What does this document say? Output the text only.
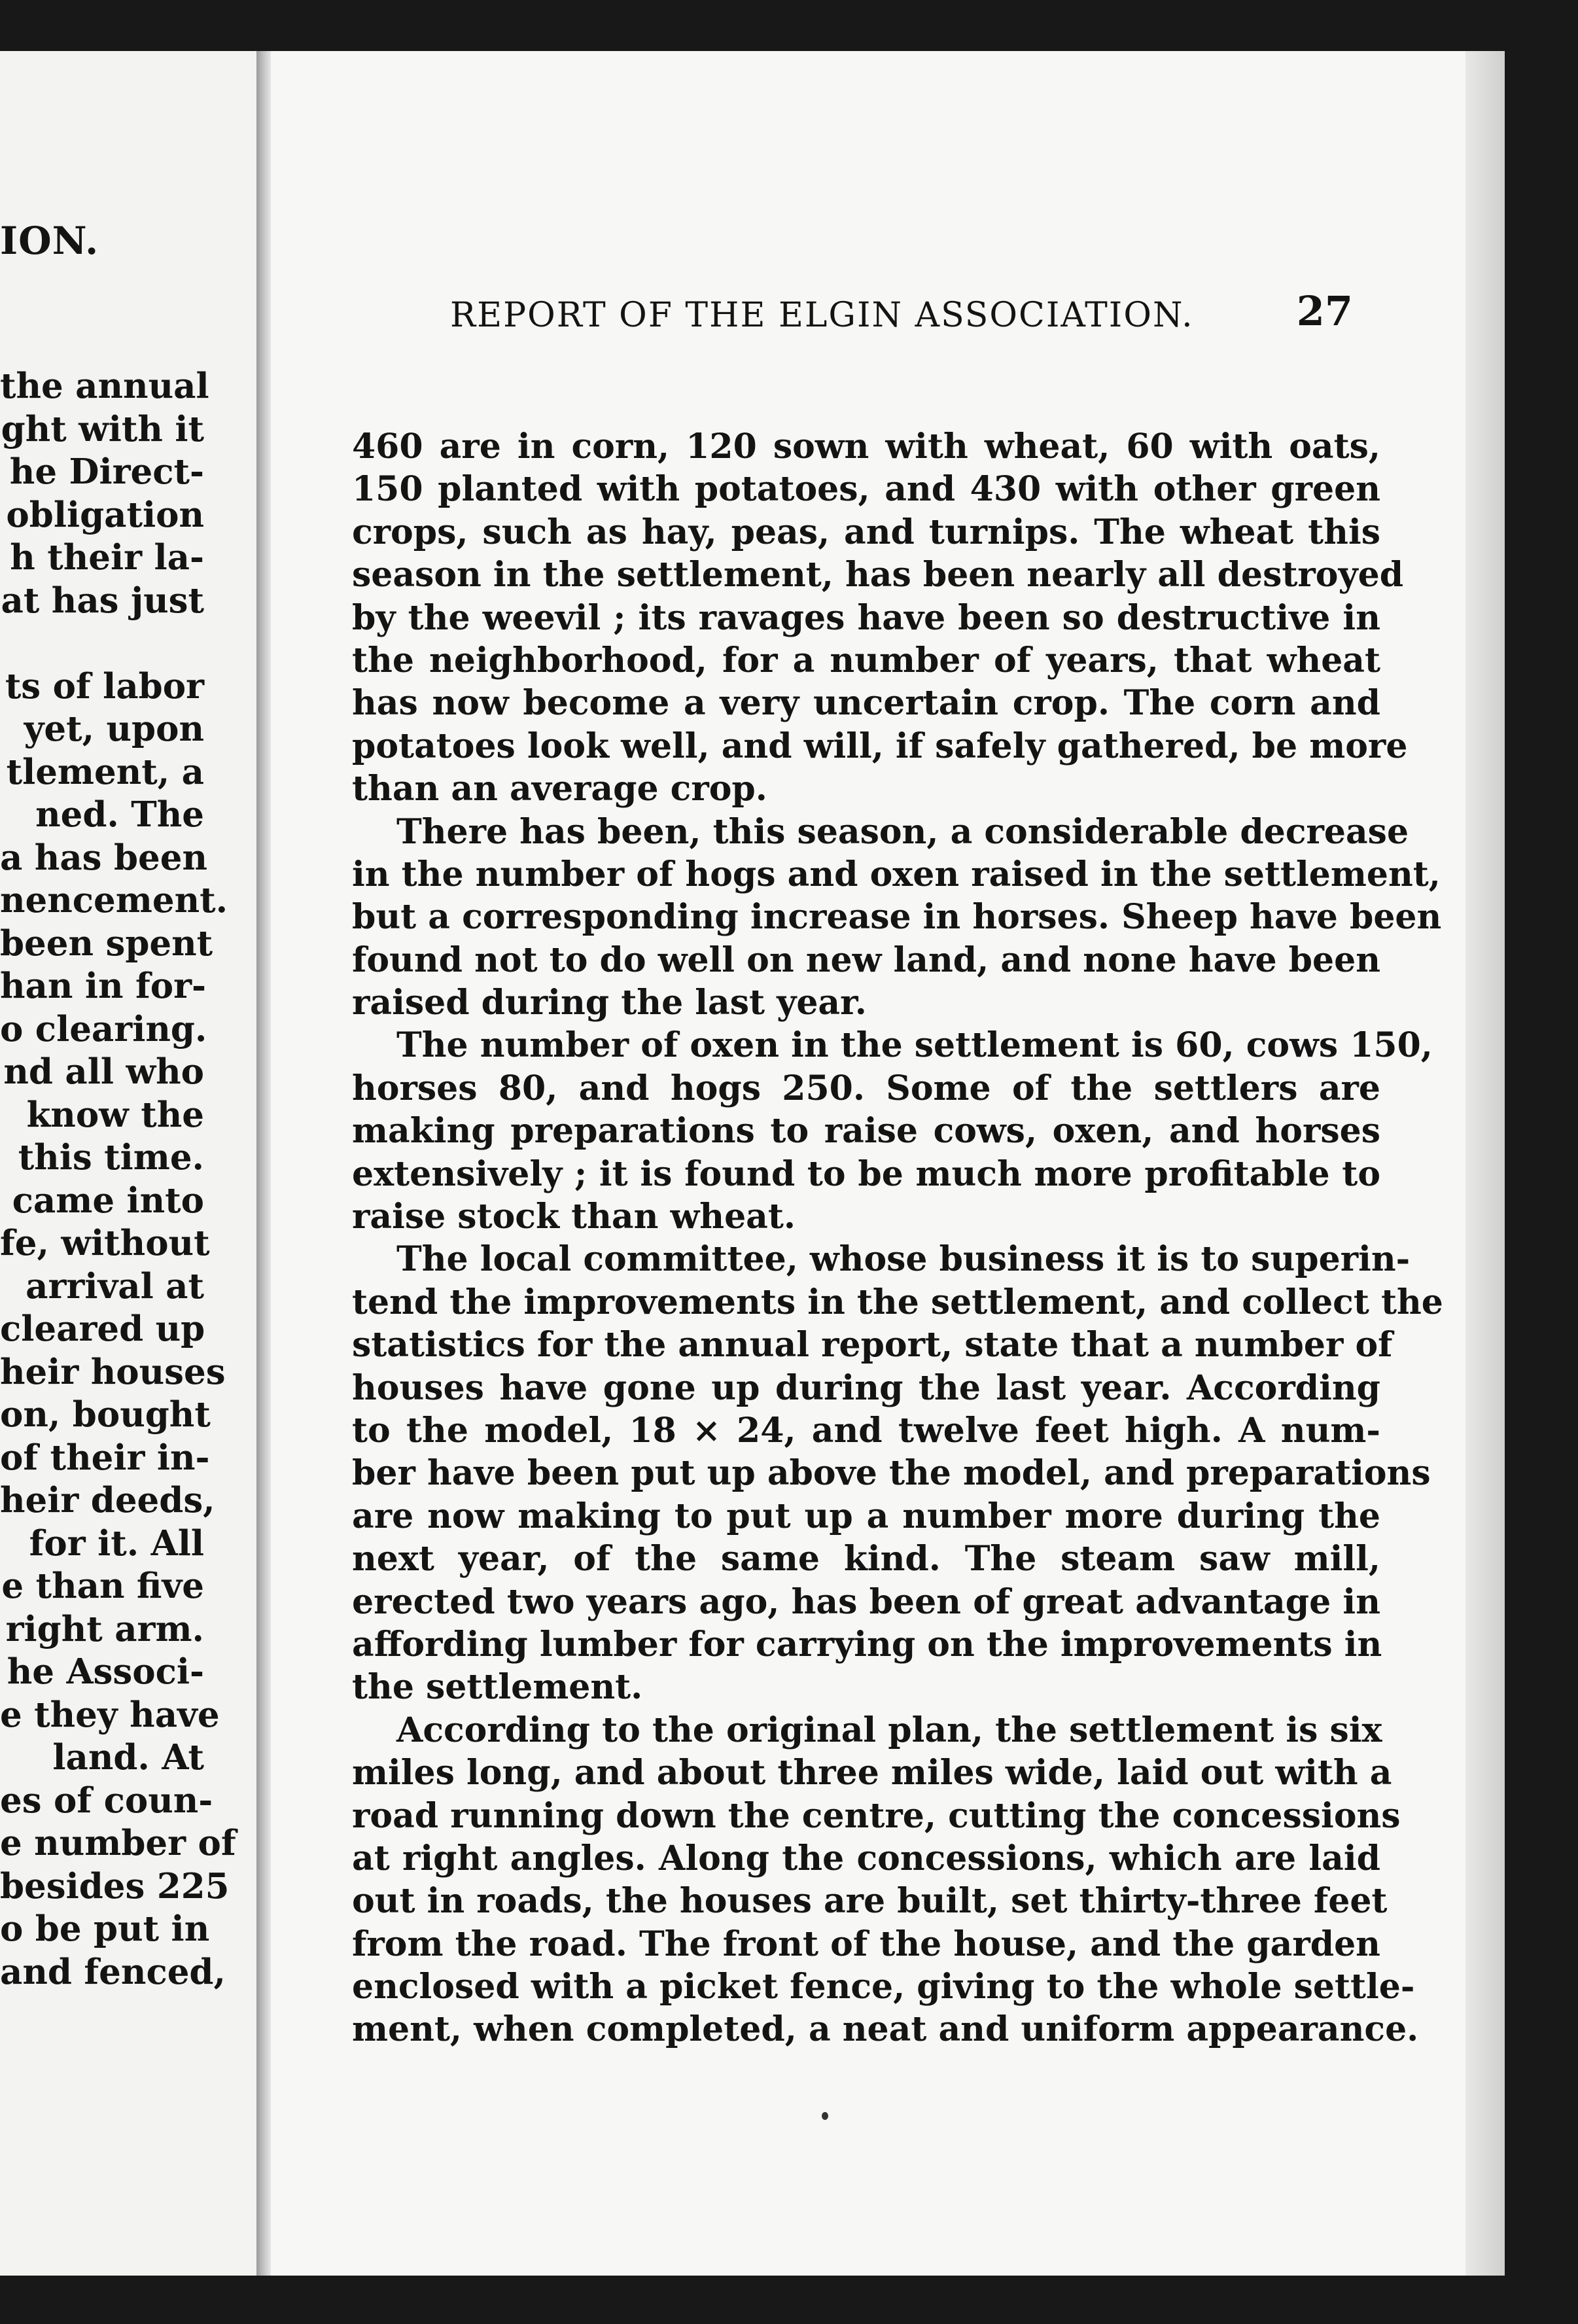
ION.
the annual
ght with it
he Direct-
obligation
h their la-
at has just
ts of labor
yet, upon
tlement, a
ned. The
a has been
nencement.
been spent
han in for-
o clearing.
nd all who
know the
this time.
came into
fe, without
arrival at
cleared up
heir houses
on, bought
of their in-
heir deeds,
for it. All
e than five
right arm.
he Associ-
e they have
land. At
es of coun-
e number of
besides 225
o be put in
and fenced,
REPORT OF THE ELGIN ASSOCIATION.	27
460 are in corn, 120 sown with wheat, 60 with oats,
150 planted with potatoes, and 430 with other green
crops, such as hay, peas, and turnips. The wheat this
season in the settlement, has been nearly all destroyed
by the weevil ; its ravages have been so destructive in
the neighborhood, for a number of years, that wheat
has now become a very uncertain crop. The corn and
potatoes look well, and will, if safely gathered, be more
than an average crop.
There has been, this season, a considerable decrease
in the number of hogs and oxen raised in the settlement,
but a corresponding increase in horses. Sheep have been
found not to do well on new land, and none have been
raised during the last year.
The number of oxen in the settlement is 60, cows 150,
horses 80, and hogs 250. Some of the settlers are
making preparations to raise cows, oxen, and horses
extensively ; it is found to be much more profitable to
raise stock than wheat.
The local committee, whose business it is to superin-
tend the improvements in the settlement, and collect the
statistics for the annual report, state that a number of
houses have gone up during the last year. According
to the model, 18 × 24, and twelve feet high. A num-
ber have been put up above the model, and preparations
are now making to put up a number more during the
next year, of the same kind. The steam saw mill,
erected two years ago, has been of great advantage in
affording lumber for carrying on the improvements in
the settlement.
According to the original plan, the settlement is six
miles long, and about three miles wide, laid out with a
road running down the centre, cutting the concessions
at right angles. Along the concessions, which are laid
out in roads, the houses are built, set thirty-three feet
from the road. The front of the house, and the garden
enclosed with a picket fence, giving to the whole settle-
ment, when completed, a neat and uniform appearance.
